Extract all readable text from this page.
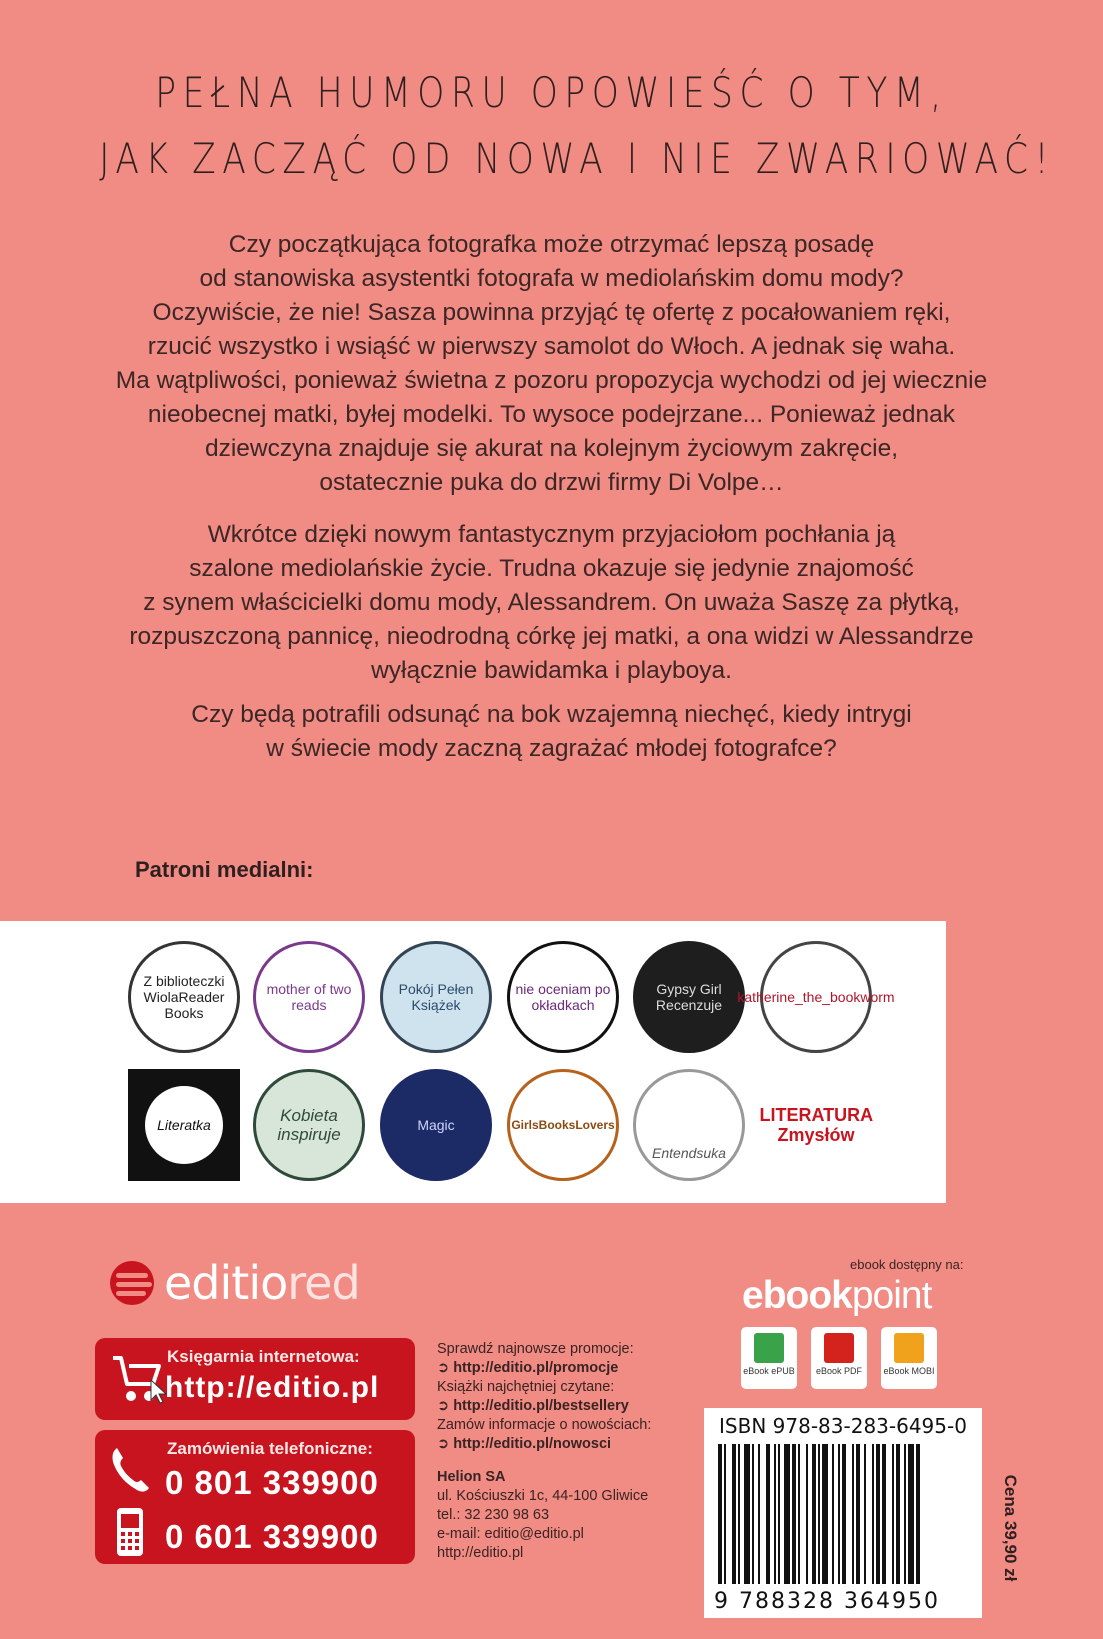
PEŁNA HUMORU OPOWIEŚĆ O TYM,
JAK ZACZĄĆ OD NOWA I NIE ZWARIOWAĆ!

Czy początkująca fotografka może otrzymać lepszą posadę

od stanowiska asystentki fotografa w mediolańskim domu mody?

Oczywiście, że nie! Sasza powinna przyjąć tę ofertę z pocałowaniem ręki,

rzucić wszystko i wsiąść w pierwszy samolot do Włoch. A jednak się waha.

Ma wątpliwości, ponieważ świetna z pozoru propozycja wychodzi od jej wiecznie

nieobecnej matki, byłej modelki. To wysoce podejrzane... Ponieważ jednak

dziewczyna znajduje się akurat na kolejnym życiowym zakręcie,

ostatecznie puka do drzwi firmy Di Volpe…

Wkrótce dzięki nowym fantastycznym przyjaciołom pochłania ją

szalone mediolańskie życie. Trudna okazuje się jedynie znajomość

z synem właścicielki domu mody, Alessandrem. On uważa Saszę za płytką,

rozpuszczoną pannicę, nieodrodną córkę jej matki, a ona widzi w Alessandrze

wyłącznie bawidamka i playboya.

Czy będą potrafili odsunąć na bok wzajemną niechęć, kiedy intrygi

w świecie mody zaczną zagrażać młodej fotografce?

Patroni medialni:
Z biblioteczki WiolaReader Books
mother of two reads
Pokój Pełen Książek
nie oceniam po okładkach
Gypsy Girl Recenzuje	katherine_the_bookworm
Literatka	Kobieta inspiruje	Magic	GirlsBooksLovers
Entendsuka
LITERATURA Zmysłów
editiored
Księgarnia internetowa:
http://editio.pl
Zamówienia telefoniczne:
0 801 339900
0 601 339900
Sprawdź najnowsze promocje:
➲ http://editio.pl/promocje
Książki najchętniej czytane:
➲ http://editio.pl/bestsellery
Zamów informacje o nowościach:
➲ http://editio.pl/nowosci
Helion SA
ul. Kościuszki 1c, 44-100 Gliwice
tel.: 32 230 98 63
e-mail: editio@editio.pl
http://editio.pl
ebook dostępny na:
ebookpoint
eBook ePUB	eBook PDF	eBook MOBI
ISBN 978-83-283-6495-0
9 788328 364950
Cena 39,90 zł
